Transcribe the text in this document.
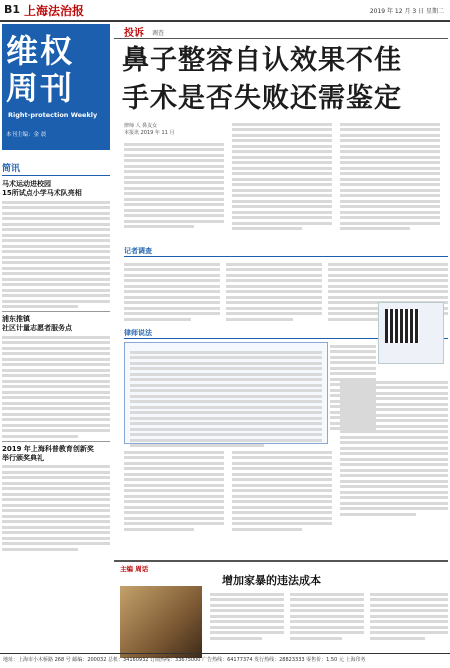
B1 上海法治报	2019 年 12 月 3 日 星期二
维权
周刊
Right-protection Weekly
本刊主编：金 晨
简讯
马术运动进校园
15所试点小学马术队亮相
浦东推镇
社区计量志愿者服务点
2019 年上海科普教育创新奖
举行颁奖典礼
投诉 调查
鼻子整容自认效果不佳
手术是否失败还需鉴定
律师 人 鼻友女
本报讯 2019 年 11 月
记者调查
律师说法
主编 周话
增加家暴的违法成本
地址：上海市小木桥路 268 号 邮编：200032 总机：34160932 订阅热线：33675000 广告热线：64177374 发行热线：28823333 零售价：1.50 元 上海印务
